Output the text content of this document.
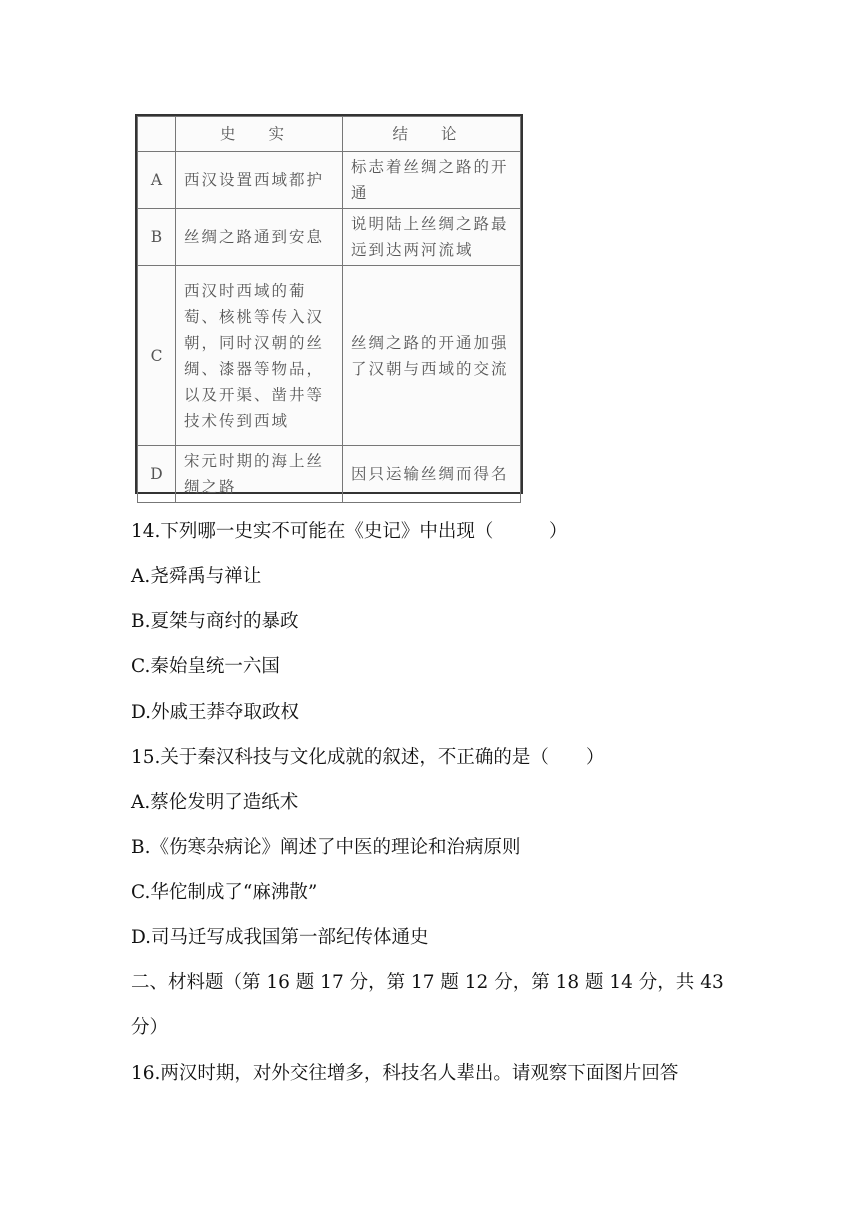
	史 实	结 论
A	西汉设置西域都护	标志着丝绸之路的开通
B	丝绸之路通到安息	说明陆上丝绸之路最远到达两河流域
C	西汉时西域的葡萄、核桃等传入汉朝，同时汉朝的丝绸、漆器等物品，以及开渠、凿井等技术传到西域	丝绸之路的开通加强了汉朝与西域的交流
D	宋元时期的海上丝绸之路	因只运输丝绸而得名
14.下列哪一史实不可能在《史记》中出现（　　　）
A.尧舜禹与禅让
B.夏桀与商纣的暴政
C.秦始皇统一六国
D.外戚王莽夺取政权
15.关于秦汉科技与文化成就的叙述，不正确的是（　　）
A.蔡伦发明了造纸术
B.《伤寒杂病论》阐述了中医的理论和治病原则
C.华佗制成了“麻沸散”
D.司马迁写成我国第一部纪传体通史
二、材料题（第 16 题 17 分，第 17 题 12 分，第 18 题 14 分，共 43
分）
16.两汉时期，对外交往增多，科技名人辈出。请观察下面图片回答
